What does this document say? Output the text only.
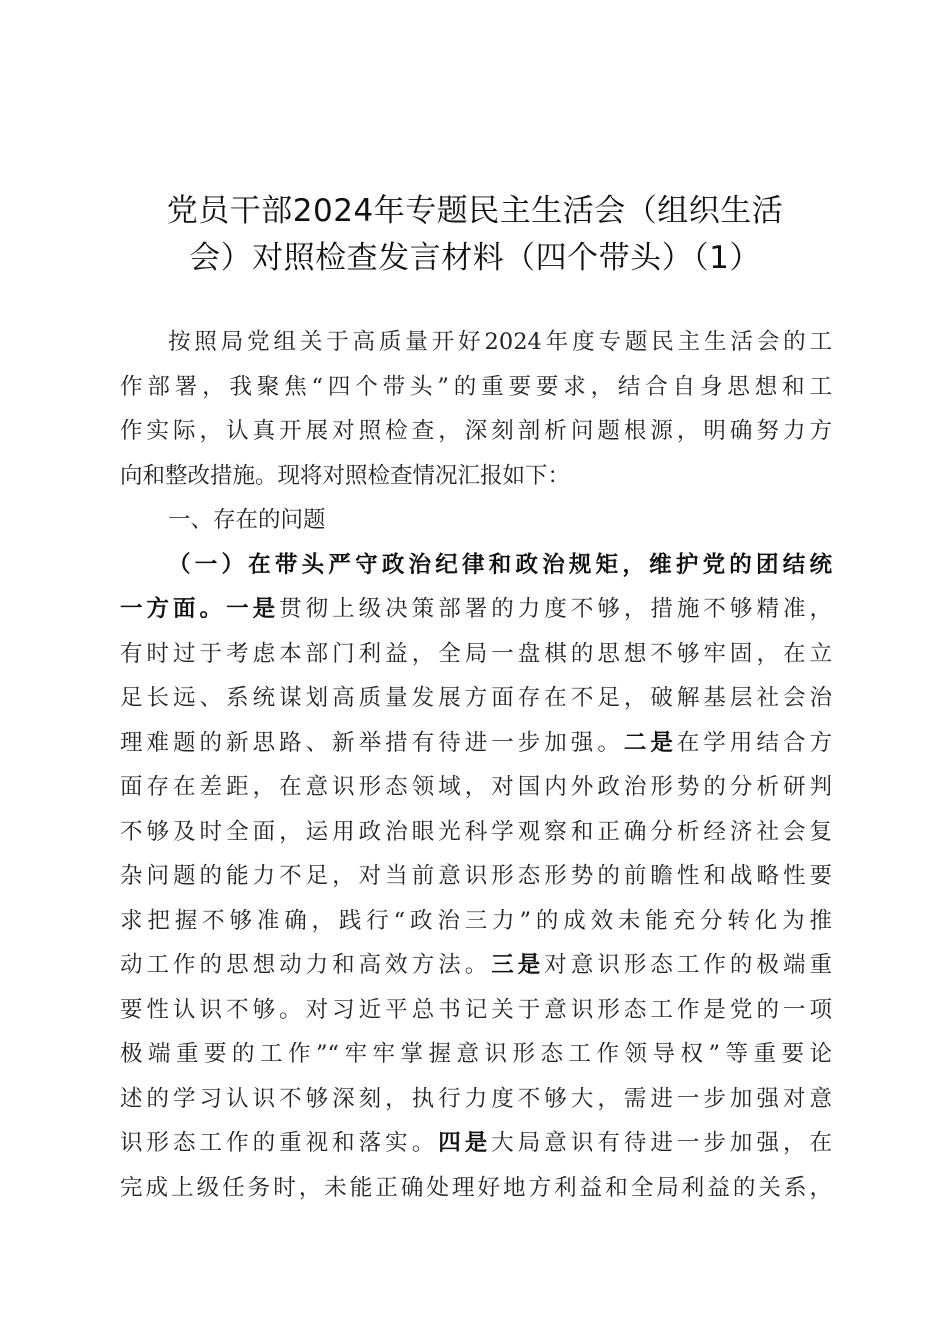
党员干部2024年专题民主生活会（组织生活
会）对照检查发言材料（四个带头）（1）
按照局党组关于高质量开好2024年度专题民主生活会的工
作部署，我聚焦“四个带头”的重要要求，结合自身思想和工
作实际，认真开展对照检查，深刻剖析问题根源，明确努力方
向和整改措施。现将对照检查情况汇报如下：
一、存在的问题
（一）在带头严守政治纪律和政治规矩，维护党的团结统
一方面。一是贯彻上级决策部署的力度不够，措施不够精准，
有时过于考虑本部门利益，全局一盘棋的思想不够牢固，在立
足长远、系统谋划高质量发展方面存在不足，破解基层社会治
理难题的新思路、新举措有待进一步加强。二是在学用结合方
面存在差距，在意识形态领域，对国内外政治形势的分析研判
不够及时全面，运用政治眼光科学观察和正确分析经济社会复
杂问题的能力不足，对当前意识形态形势的前瞻性和战略性要
求把握不够准确，践行“政治三力”的成效未能充分转化为推
动工作的思想动力和高效方法。三是对意识形态工作的极端重
要性认识不够。对习近平总书记关于意识形态工作是党的一项
极端重要的工作”“牢牢掌握意识形态工作领导权”等重要论
述的学习认识不够深刻，执行力度不够大，需进一步加强对意
识形态工作的重视和落实。四是大局意识有待进一步加强，在
完成上级任务时，未能正确处理好地方利益和全局利益的关系，
